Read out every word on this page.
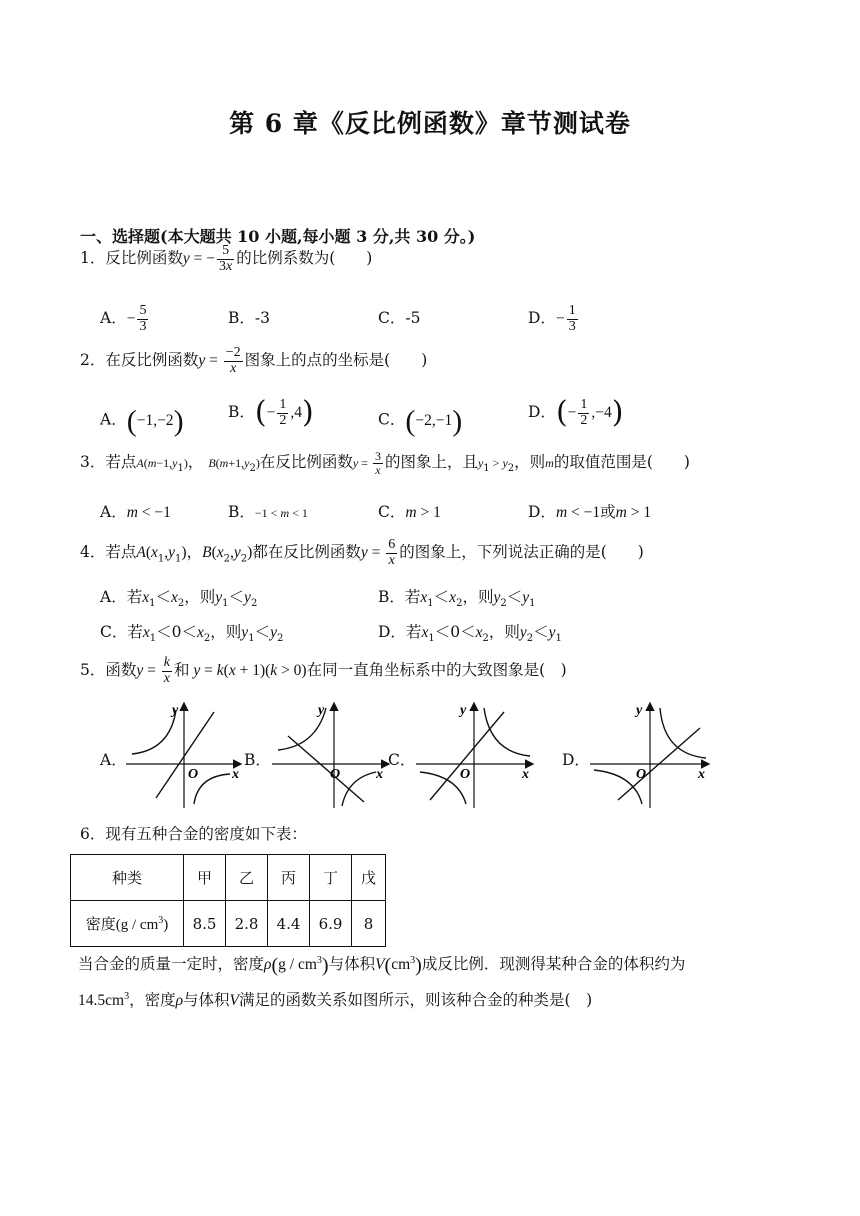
第 6 章《反比例函数》章节测试卷
一、选择题(本大题共 10 小题,每小题 3 分,共 30 分。)
1．反比例函数y = − $\frac{5}{3x}$ 的比例系数为(　　)
A．− $\frac{5}{3}$	B．-3	C．-5	D．− $\frac{1}{3}$
2．在反比例函数$y = \frac{-2}{x}$ 图象上的点的坐标是(　　)
A．(−1,−2)	B．(− $\frac{1}{2} ,4$)	C．(−2,−1)	D．(− $\frac{1}{2} ,-4$)
3．若点$A(m-1,y_1)$， $B(m+1,y_2)$在反比例函数$y = \frac{3}{x}$ 的图象上，且$y_1 > y_2$，则m的取值范围是(　　)
A．m < −1	B．−1 < m < 1	C．m > 1	D．m < −1或m > 1
4．若点$A(x_1,y_1)$，$B(x_2,y_2)$都在反比例函数$y = \frac{6}{x}$ 的图象上，下列说法正确的是(　　)
A．若$x_1<x_2$，则$y_1<y_2$	B．若$x_1<x_2$，则$y_2<y_1$
C．若$x_1<0<x_2$，则$y_1<y_2$	D．若$x_1<0<x_2$，则$y_2<y_1$
5．函数$y = \frac{k}{x}$ 和 y = k(x + 1)(k > 0)在同一直角坐标系中的大致图象是(　)
A．	B．	C．	D．
y
x
O
y
x
O
y
x
O
y
x
O
6．现有五种合金的密度如下表：
种类	甲	乙	丙	丁	戊
密度$(g / cm^3)$	8.5	2.8	4.4	6.9	8
当合金的质量一定时，密度$\rho(g / cm^3)$与体积$V(cm^3)$成反比例．现测得某种合金的体积约为
$14.5cm^3$，密度ρ与体积V满足的函数关系如图所示，则该种合金的种类是(　)
